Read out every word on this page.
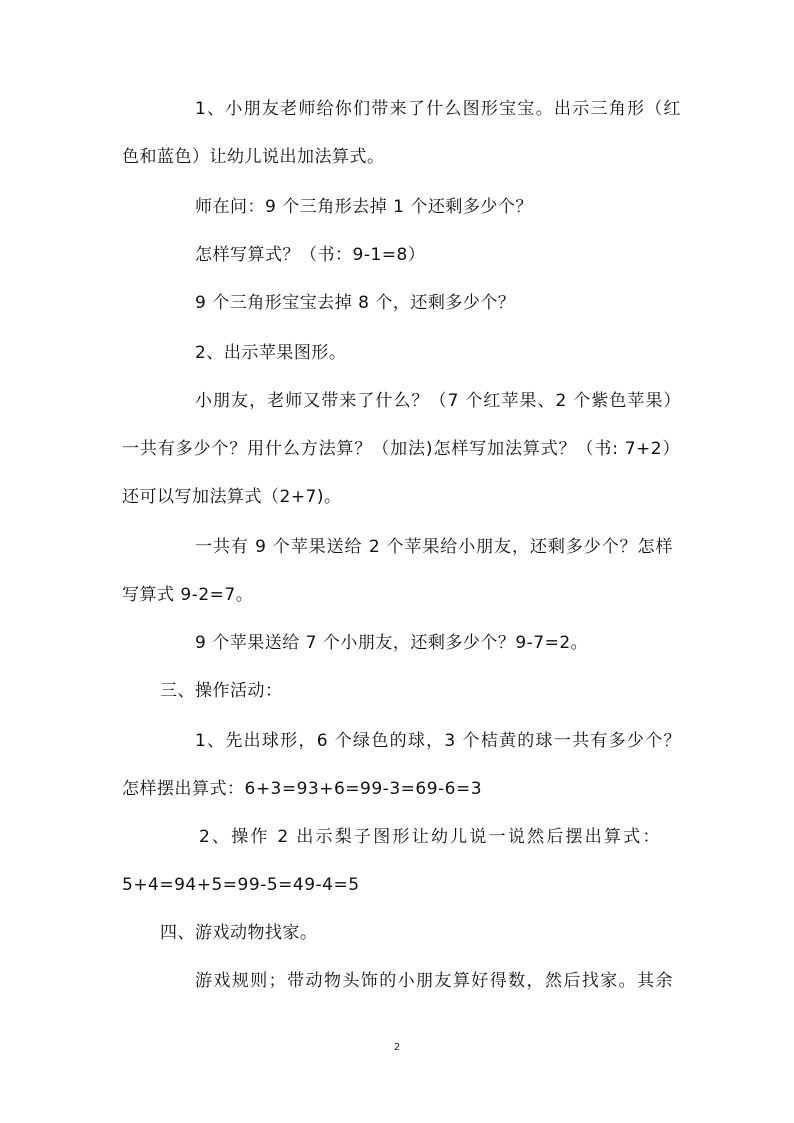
1、小朋友老师给你们带来了什么图形宝宝。出示三角形（红
色和蓝色）让幼儿说出加法算式。
师在问：9 个三角形去掉 1 个还剩多少个？
怎样写算式？（书：9-1=8）
9 个三角形宝宝去掉 8 个，还剩多少个？
2、出示苹果图形。
小朋友，老师又带来了什么？（7 个红苹果、2 个紫色苹果）
一共有多少个？用什么方法算？（加法)怎样写加法算式？（书: 7+2）
还可以写加法算式（2+7)。
一共有 9 个苹果送给 2 个苹果给小朋友，还剩多少个？怎样
写算式 9-2=7。
9 个苹果送给 7 个小朋友，还剩多少个？9-7=2。
三、操作活动：
1、先出球形，6 个绿色的球，3 个桔黄的球一共有多少个？
怎样摆出算式：6+3=93+6=99-3=69-6=3
2、操作 2 出示梨子图形让幼儿说一说然后摆出算式：
5+4=94+5=99-5=49-4=5
四、游戏动物找家。
游戏规则；带动物头饰的小朋友算好得数，然后找家。其余
2
